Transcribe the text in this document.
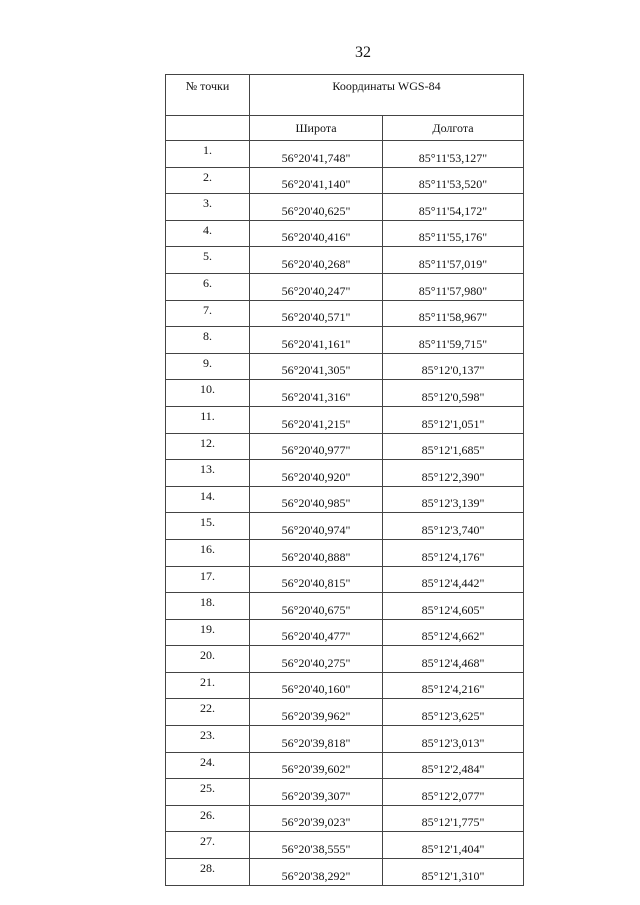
32
№ точки	Координаты WGS-84	
	Широта	Долгота
1.	56°20'41,748"	85°11'53,127"
2.	56°20'41,140"	85°11'53,520"
3.	56°20'40,625"	85°11'54,172"
4.	56°20'40,416"	85°11'55,176"
5.	56°20'40,268"	85°11'57,019"
6.	56°20'40,247"	85°11'57,980"
7.	56°20'40,571"	85°11'58,967"
8.	56°20'41,161"	85°11'59,715"
9.	56°20'41,305"	85°12'0,137"
10.	56°20'41,316"	85°12'0,598"
11.	56°20'41,215"	85°12'1,051"
12.	56°20'40,977"	85°12'1,685"
13.	56°20'40,920"	85°12'2,390"
14.	56°20'40,985"	85°12'3,139"
15.	56°20'40,974"	85°12'3,740"
16.	56°20'40,888"	85°12'4,176"
17.	56°20'40,815"	85°12'4,442"
18.	56°20'40,675"	85°12'4,605"
19.	56°20'40,477"	85°12'4,662"
20.	56°20'40,275"	85°12'4,468"
21.	56°20'40,160"	85°12'4,216"
22.	56°20'39,962"	85°12'3,625"
23.	56°20'39,818"	85°12'3,013"
24.	56°20'39,602"	85°12'2,484"
25.	56°20'39,307"	85°12'2,077"
26.	56°20'39,023"	85°12'1,775"
27.	56°20'38,555"	85°12'1,404"
28.	56°20'38,292"	85°12'1,310"
